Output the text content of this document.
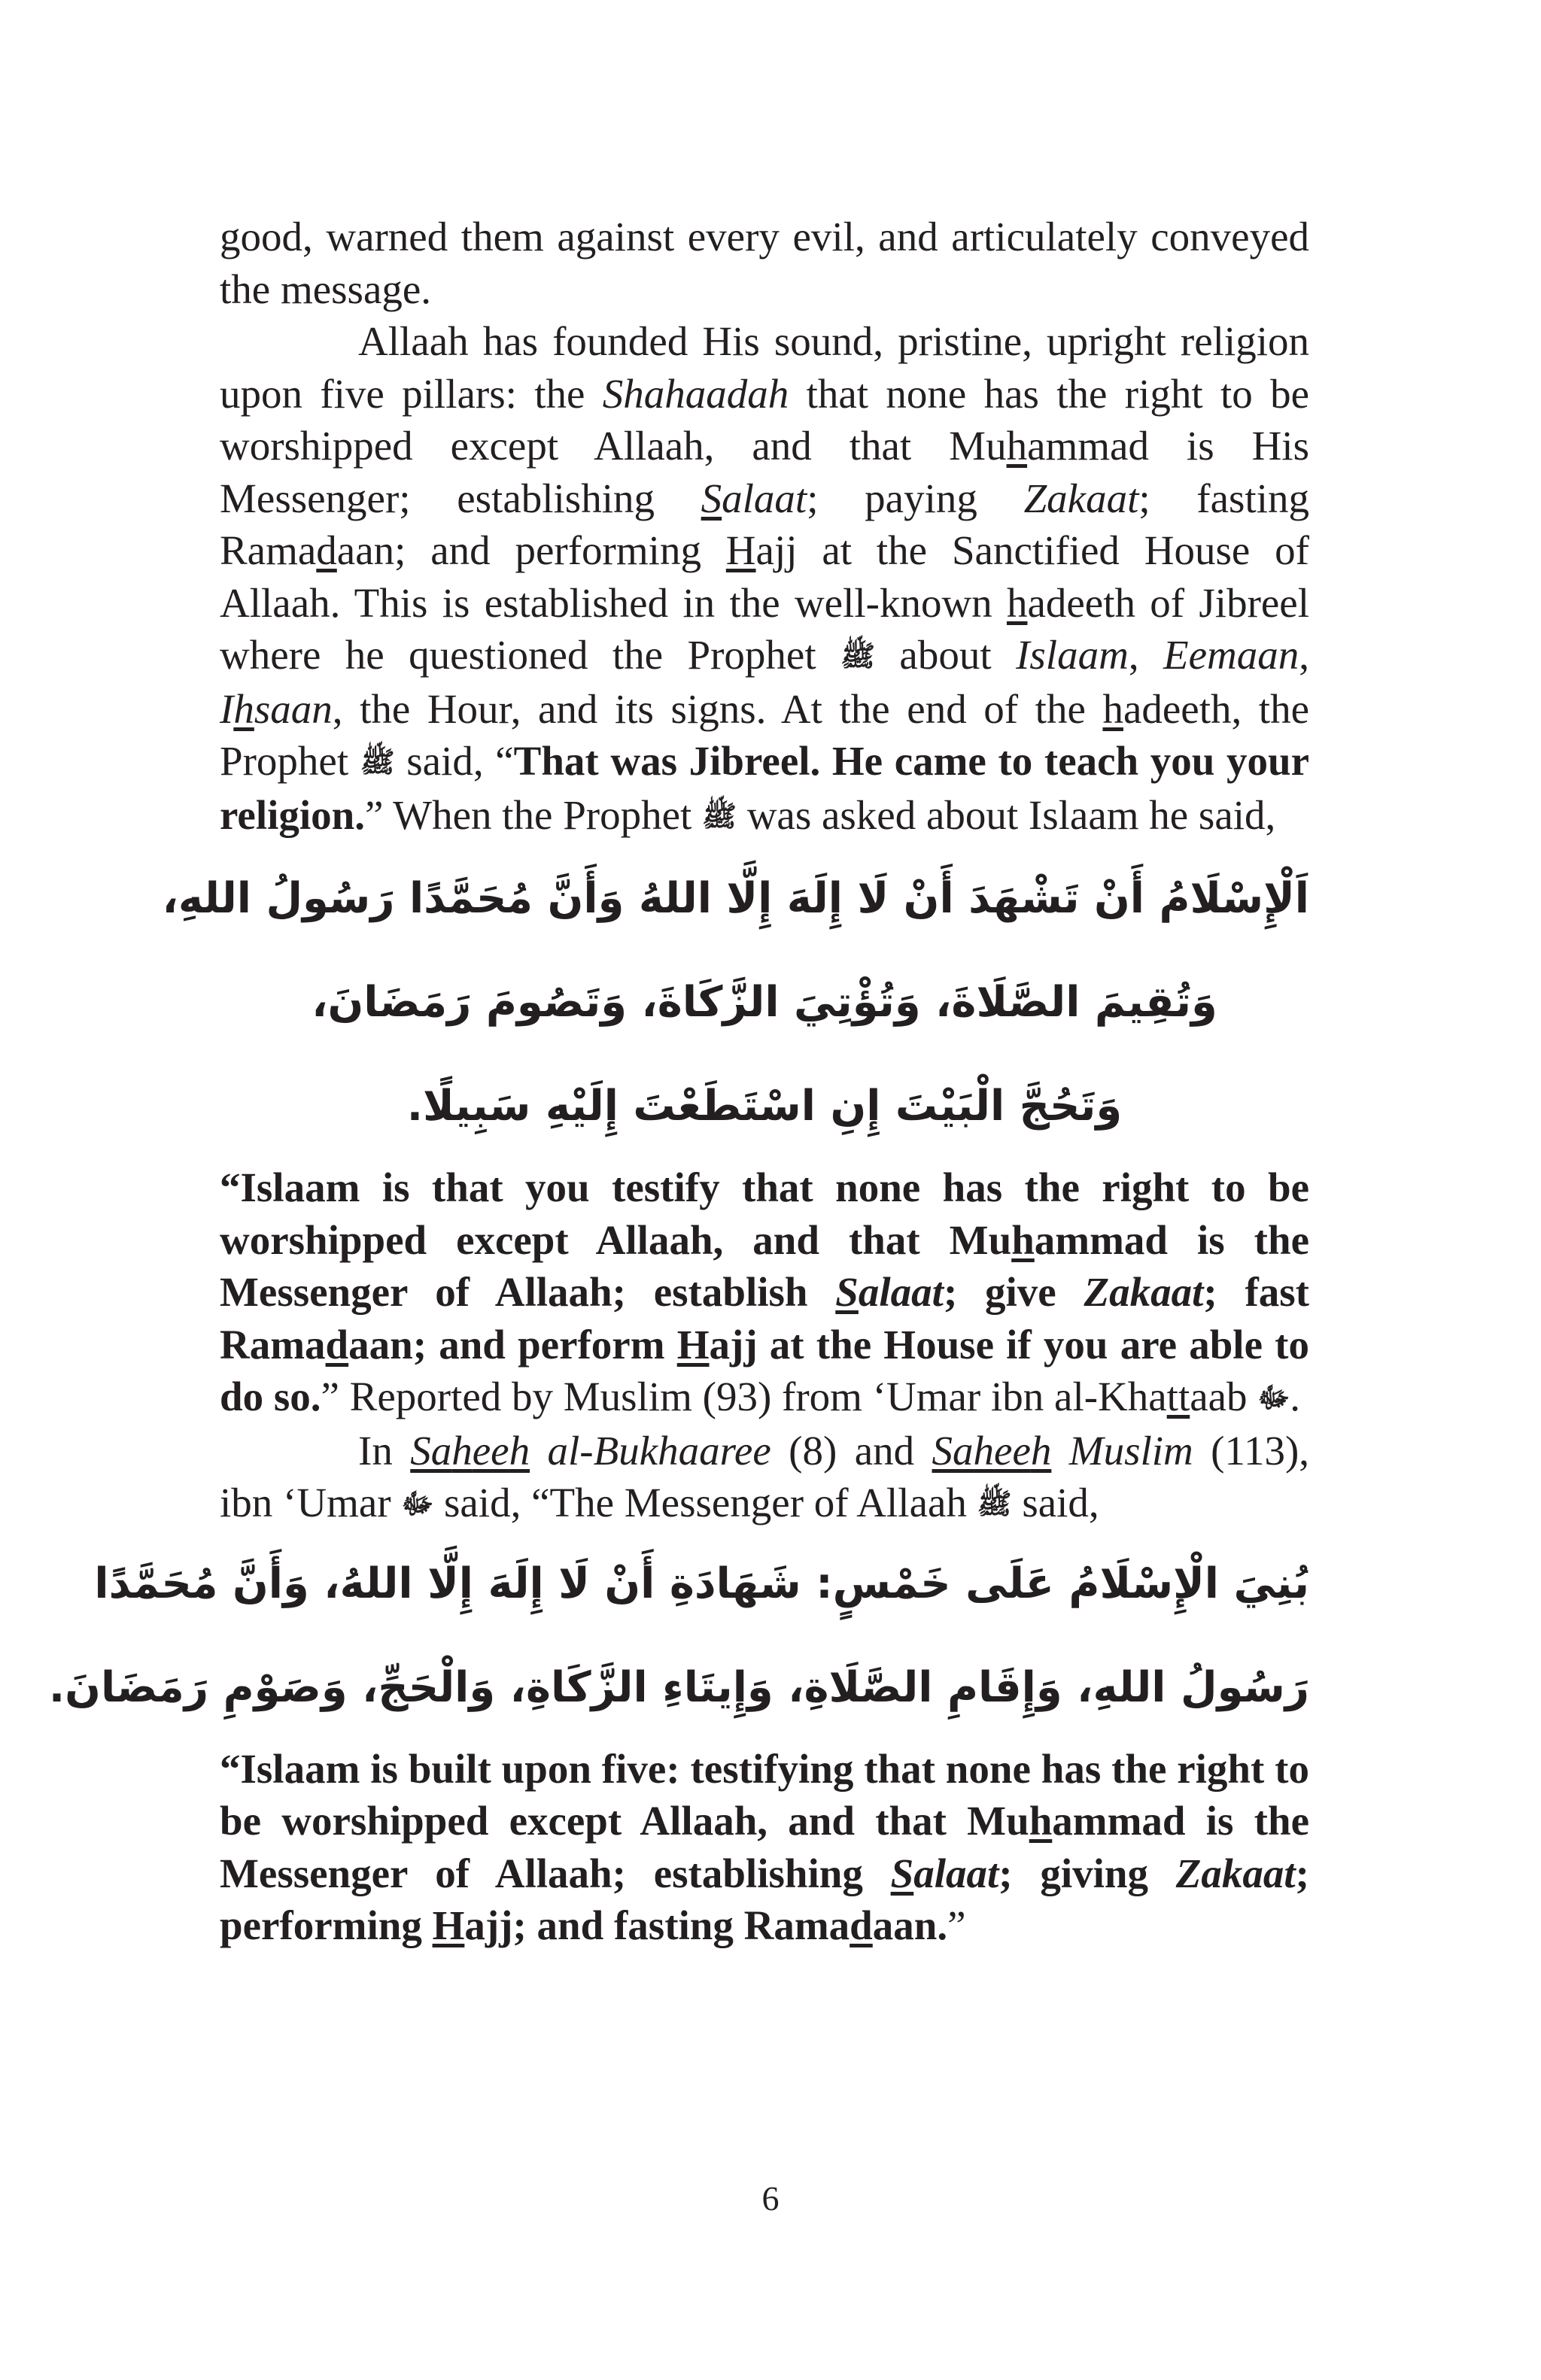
good, warned them against every evil, and articulately conveyed the message.

Allaah has founded His sound, pristine, upright religion upon five pillars: the Shahaadah that none has the right to be worshipped except Allaah, and that Muhammad is His Messenger; establishing Salaat; paying Zakaat; fasting Ramadaan; and performing Hajj at the Sanctified House of Allaah. This is established in the well-known hadeeth of Jibreel where he questioned the Prophet ﷺ about Islaam, Eemaan, Ihsaan, the Hour, and its signs. At the end of the hadeeth, the Prophet ﷺ said, “That was Jibreel. He came to teach you your religion.” When the Prophet ﷺ was asked about Islaam he said,

اَلْإِسْلَامُ أَنْ تَشْهَدَ أَنْ لَا إِلَهَ إِلَّا اللهُ وَأَنَّ مُحَمَّدًا رَسُولُ اللهِ،
وَتُقِيمَ الصَّلَاةَ، وَتُؤْتِيَ الزَّكَاةَ، وَتَصُومَ رَمَضَانَ،
وَتَحُجَّ الْبَيْتَ إِنِ اسْتَطَعْتَ إِلَيْهِ سَبِيلًا.

“Islaam is that you testify that none has the right to be worshipped except Allaah, and that Muhammad is the Messenger of Allaah; establish Salaat; give Zakaat; fast Ramadaan; and perform Hajj at the House if you are able to do so.” Reported by Muslim (93) from ‘Umar ibn al-Khattaab ﷻ.

In Saheeh al-Bukhaaree (8) and Saheeh Muslim (113), ibn ‘Umar ﷻ said, “The Messenger of Allaah ﷺ said,

بُنِيَ الْإِسْلَامُ عَلَى خَمْسٍ: شَهَادَةِ أَنْ لَا إِلَهَ إِلَّا اللهُ، وَأَنَّ مُحَمَّدًا
رَسُولُ اللهِ، وَإِقَامِ الصَّلَاةِ، وَإِيتَاءِ الزَّكَاةِ، وَالْحَجِّ، وَصَوْمِ رَمَضَانَ.

“Islaam is built upon five: testifying that none has the right to be worshipped except Allaah, and that Muhammad is the Messenger of Allaah; establishing Salaat; giving Zakaat; performing Hajj; and fasting Ramadaan.”

6
